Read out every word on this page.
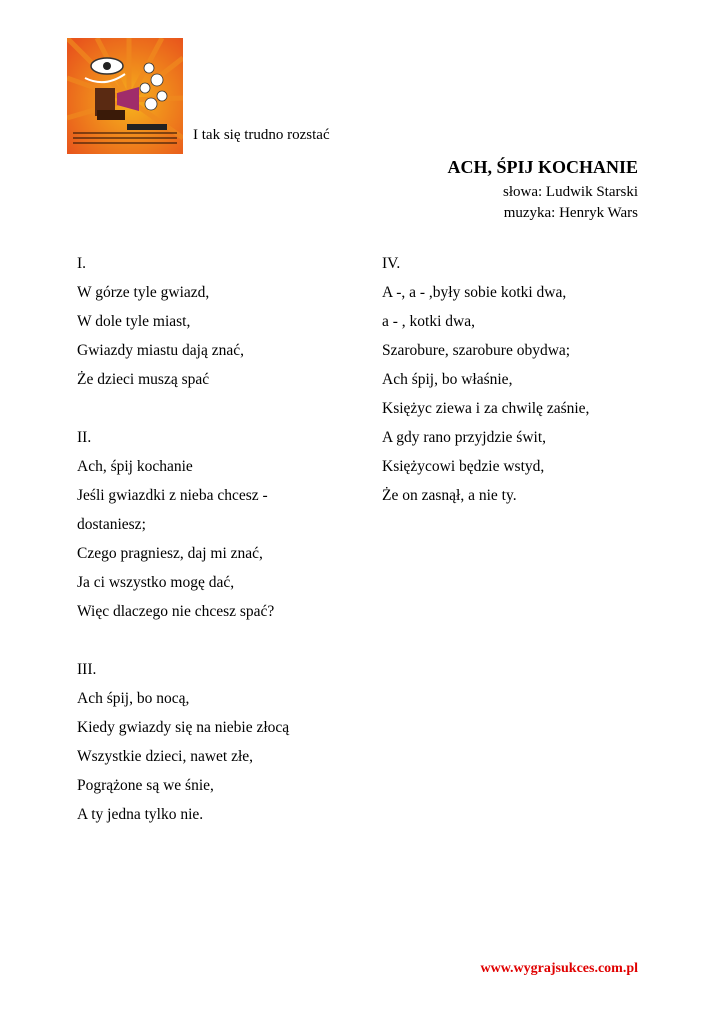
I tak się trudno rozstać
ACH, ŚPIJ KOCHANIE
słowa: Ludwik Starski
muzyka: Henryk Wars
I.
W górze tyle gwiazd,
W dole tyle miast,
Gwiazdy miastu dają znać,
Że dzieci muszą spać
II.
Ach, śpij kochanie
Jeśli gwiazdki z nieba chcesz -
dostaniesz;
Czego pragniesz, daj mi znać,
Ja ci wszystko mogę dać,
Więc dlaczego nie chcesz spać?
III.
Ach śpij, bo nocą,
Kiedy gwiazdy się na niebie złocą
Wszystkie dzieci, nawet złe,
Pogrążone są we śnie,
A ty jedna tylko nie.
IV.
A -, a - ,były sobie kotki dwa,
a - , kotki dwa,
Szarobure, szarobure obydwa;
Ach śpij, bo właśnie,
Księżyc ziewa i za chwilę zaśnie,
A gdy rano przyjdzie świt,
Księżycowi będzie wstyd,
Że on zasnął, a nie ty.
www.wygrajsukces.com.pl
